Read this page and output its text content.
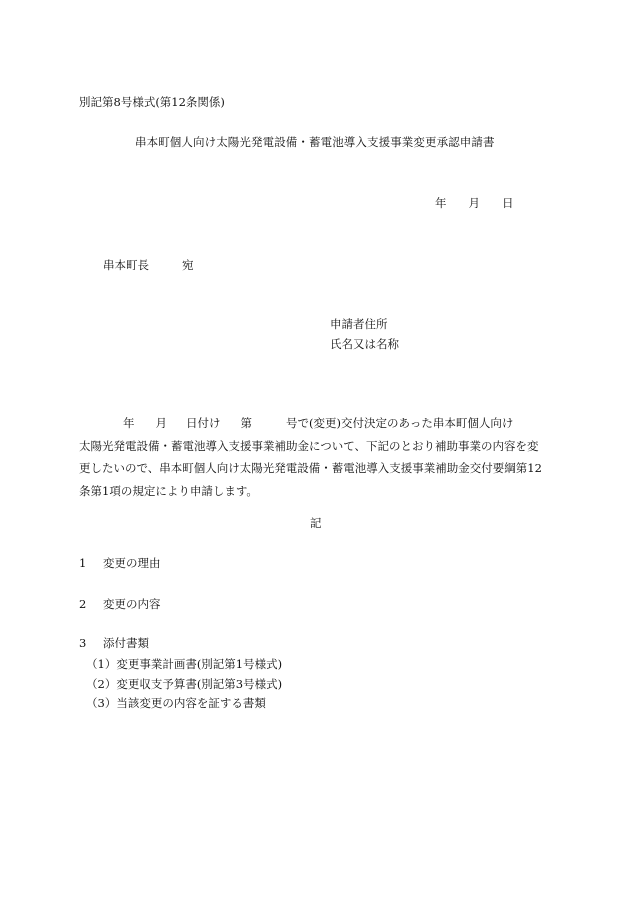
別記第8号様式(第12条関係)
串本町個人向け太陽光発電設備・蓄電池導入支援事業変更承認申請書
年 月 日
串本町長	宛
申請者住所
氏名又は名称
年 月 日付け 第	号で(変更)交付決定のあった串本町個人向け
太陽光発電設備・蓄電池導入支援事業補助金について、下記のとおり補助事業の内容を変
更したいので、串本町個人向け太陽光発電設備・蓄電池導入支援事業補助金交付要綱第12
条第1項の規定により申請します。
記
1 変更の理由
2 変更の内容
3 添付書類
（1）変更事業計画書(別記第1号様式)
（2）変更収支予算書(別記第3号様式)
（3）当該変更の内容を証する書類
